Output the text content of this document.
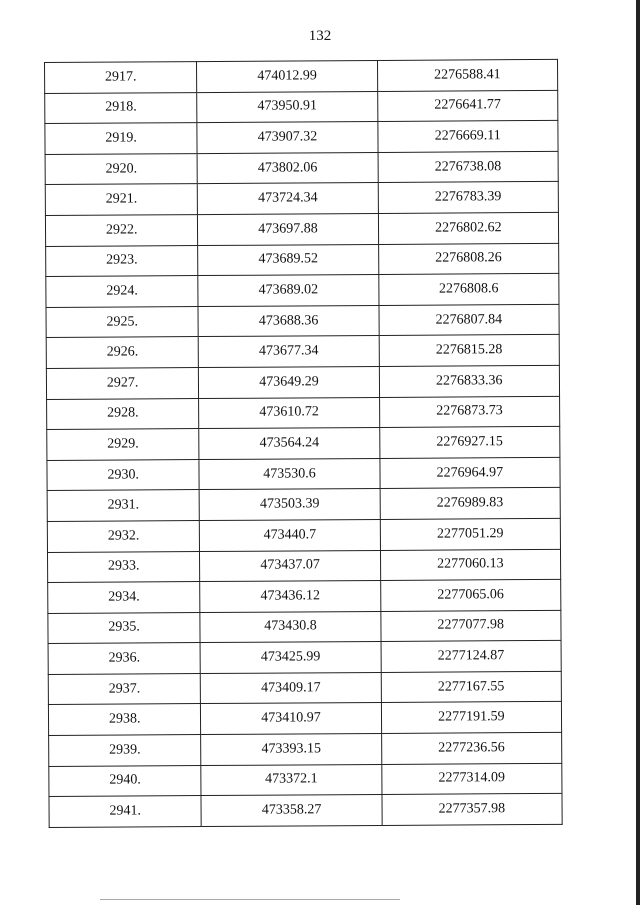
132
2917.	474012.99	2276588.41
2918.	473950.91	2276641.77
2919.	473907.32	2276669.11
2920.	473802.06	2276738.08
2921.	473724.34	2276783.39
2922.	473697.88	2276802.62
2923.	473689.52	2276808.26
2924.	473689.02	2276808.6
2925.	473688.36	2276807.84
2926.	473677.34	2276815.28
2927.	473649.29	2276833.36
2928.	473610.72	2276873.73
2929.	473564.24	2276927.15
2930.	473530.6	2276964.97
2931.	473503.39	2276989.83
2932.	473440.7	2277051.29
2933.	473437.07	2277060.13
2934.	473436.12	2277065.06
2935.	473430.8	2277077.98
2936.	473425.99	2277124.87
2937.	473409.17	2277167.55
2938.	473410.97	2277191.59
2939.	473393.15	2277236.56
2940.	473372.1	2277314.09
2941.	473358.27	2277357.98
